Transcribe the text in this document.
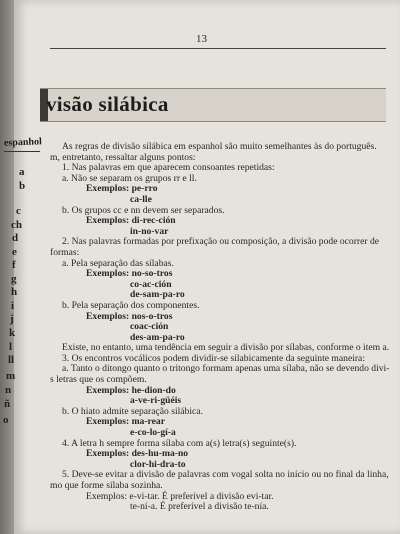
13
visão silábica
espanhol
a
b
c
ch
d
e
f
g
h
i
j
k
l
ll
m
n
ñ
o
As regras de divisão silábica em espanhol são muito semelhantes às do português.
m, entretanto, ressaltar alguns pontos:
1. Nas palavras em que aparecem consoantes repetidas:
a. Não se separam os grupos rr e ll.
Exemplos: pe-rro
ca-lle
b. Os grupos cc e nn devem ser separados.
Exemplos: di-rec-ción
in-no-var
2. Nas palavras formadas por prefixação ou composição, a divisão pode ocorrer de
formas:
a. Pela separação das sílabas.
Exemplos: no-so-tros
co-ac-ción
de-sam-pa-ro
b. Pela separação dos componentes.
Exemplos: nos-o-tros
coac-ción
des-am-pa-ro
Existe, no entanto, uma tendência em seguir a divisão por sílabas, conforme o item a.
3. Os encontros vocálicos podem dividir-se silabicamente da seguinte maneira:
a. Tanto o ditongo quanto o tritongo formam apenas uma sílaba, não se devendo divi-
s letras que os compõem.
Exemplos: he-dion-do
a-ve-ri-güéis
b. O hiato admite separação silábica.
Exemplos: ma-rear
e-co-lo-gí-a
4. A letra h sempre forma sílaba com a(s) letra(s) seguinte(s).
Exemplos: des-hu-ma-no
clor-hi-dra-to
5. Deve-se evitar a divisão de palavras com vogal solta no início ou no final da linha,
mo que forme sílaba sozinha.
Exemplos: e-vi-tar. É preferível a divisão evi-tar.
te-ní-a. É preferível a divisão te-nía.
